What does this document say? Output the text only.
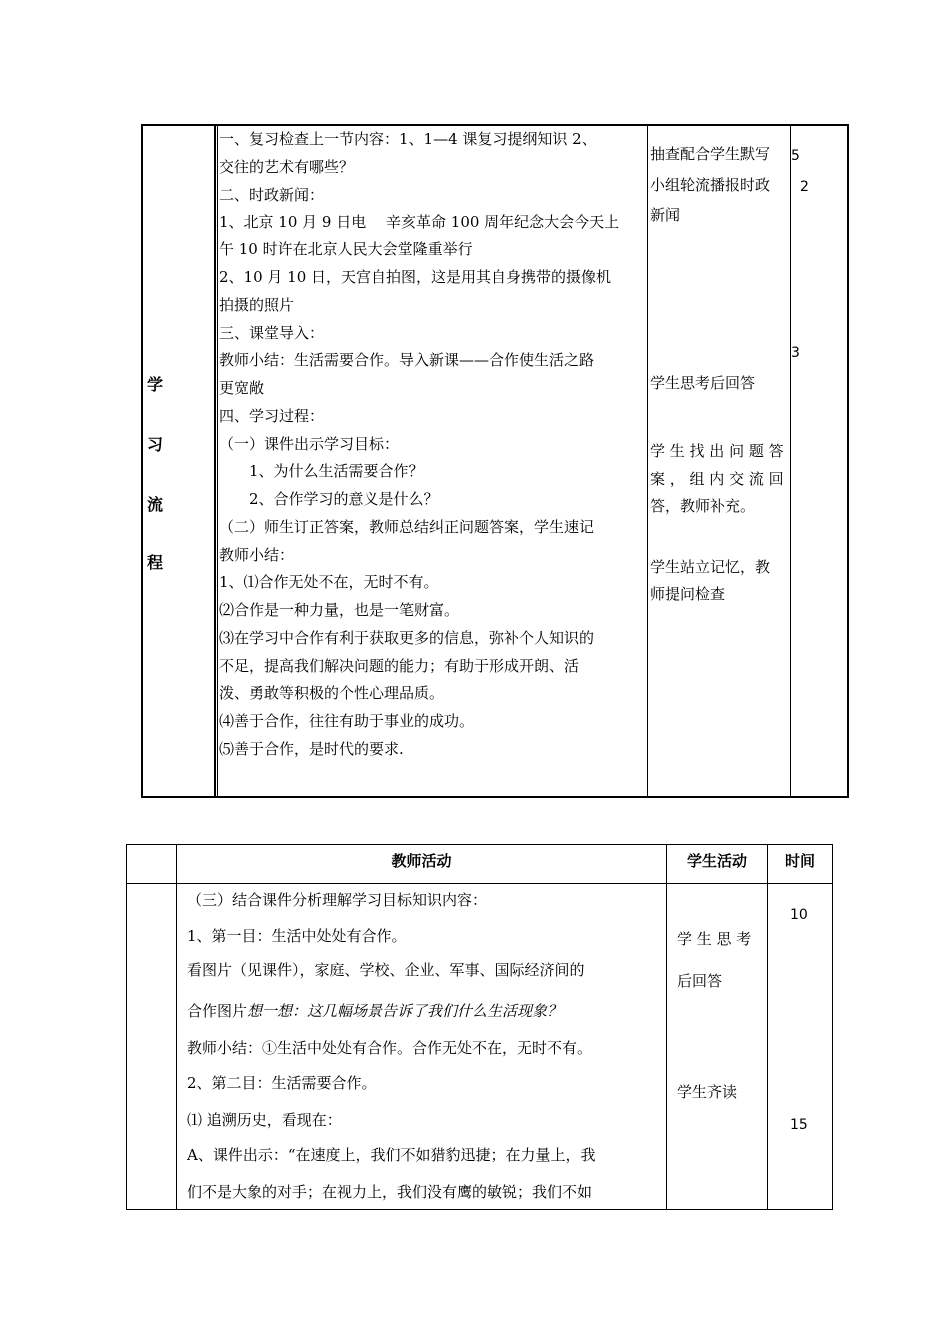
学
习
流
程
一、复习检查上一节内容：1、1—4 课复习提纲知识 2、
交往的艺术有哪些？
二、时政新闻：
1、北京 10 月 9 日电　 辛亥革命 100 周年纪念大会今天上
午 10 时许在北京人民大会堂隆重举行
2、10 月 10 日，天宫自拍图，这是用其自身携带的摄像机
拍摄的照片
三、课堂导入：
教师小结：生活需要合作。导入新课——合作使生活之路
更宽敞
四、学习过程：
（一）课件出示学习目标：
　　1、为什么生活需要合作？
　　2、合作学习的意义是什么？
（二）师生订正答案，教师总结纠正问题答案，学生速记
教师小结：
1、⑴合作无处不在，无时不有。
⑵合作是一种力量，也是一笔财富。
⑶在学习中合作有利于获取更多的信息，弥补个人知识的
不足，提高我们解决问题的能力；有助于形成开朗、活
泼、勇敢等积极的个性心理品质。
⑷善于合作，往往有助于事业的成功。
⑸善于合作，是时代的要求.
抽查配合学生默写
小组轮流播报时政
新闻
学生思考后回答
学 生 找 出 问 题 答
案 ， 组 内 交 流 回
答，教师补充。
学生站立记忆，教
师提问检查
5
2
3
教师活动	学生活动	时间
（三）结合课件分析理解学习目标知识内容：
1、第一目：生活中处处有合作。
看图片（见课件），家庭、学校、企业、军事、国际经济间的
合作图片想一想：这几幅场景告诉了我们什么生活现象？
教师小结：①生活中处处有合作。合作无处不在，无时不有。
2、第二目：生活需要合作。
⑴ 追溯历史，看现在：
A、课件出示：“在速度上，我们不如猎豹迅捷；在力量上，我
们不是大象的对手；在视力上，我们没有鹰的敏锐；我们不如
学 生 思 考
后回答
学生齐读
10
15
